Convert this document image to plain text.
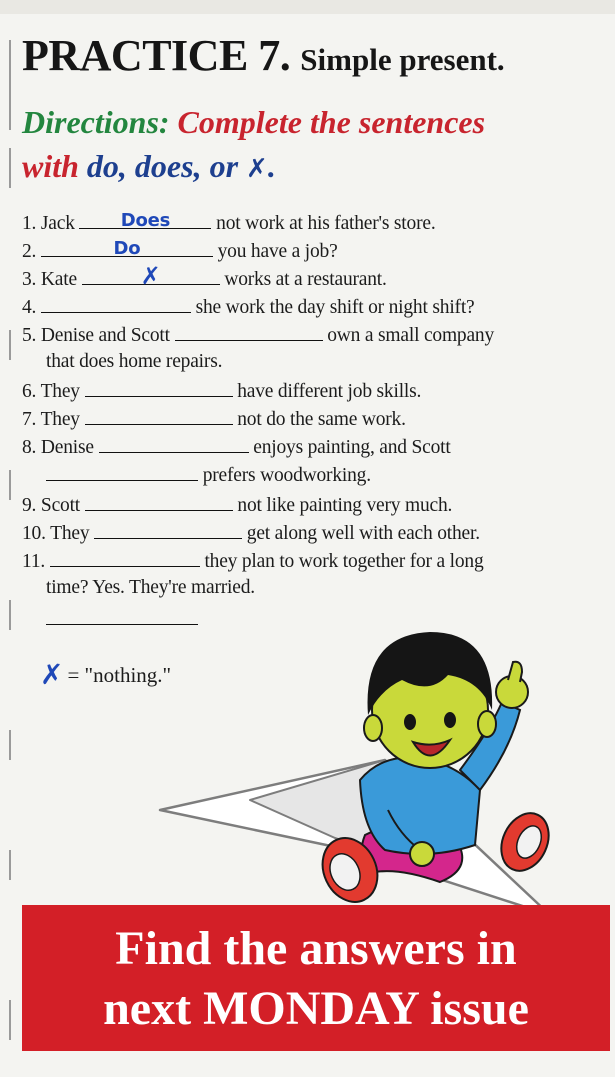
PRACTICE 7. Simple present.
Directions: Complete the sentences
with do, does, or ✗.
1. Jack	Does	not work at his father's store.
2.	Do	you have a job?
3. Kate	✗	works at a restaurant.
4.	she work the day shift or night shift?
5. Denise and Scott	own a small company
that does home repairs.
6. They	have different job skills.
7. They	not do the same work.
8. Denise	enjoys painting, and Scott
prefers woodworking.
9. Scott	not like painting very much.
10. They	get along well with each other.
11.	they plan to work together for a long
time? Yes. They're married.
✗ = "nothing."
Find the answers in
next MONDAY issue
